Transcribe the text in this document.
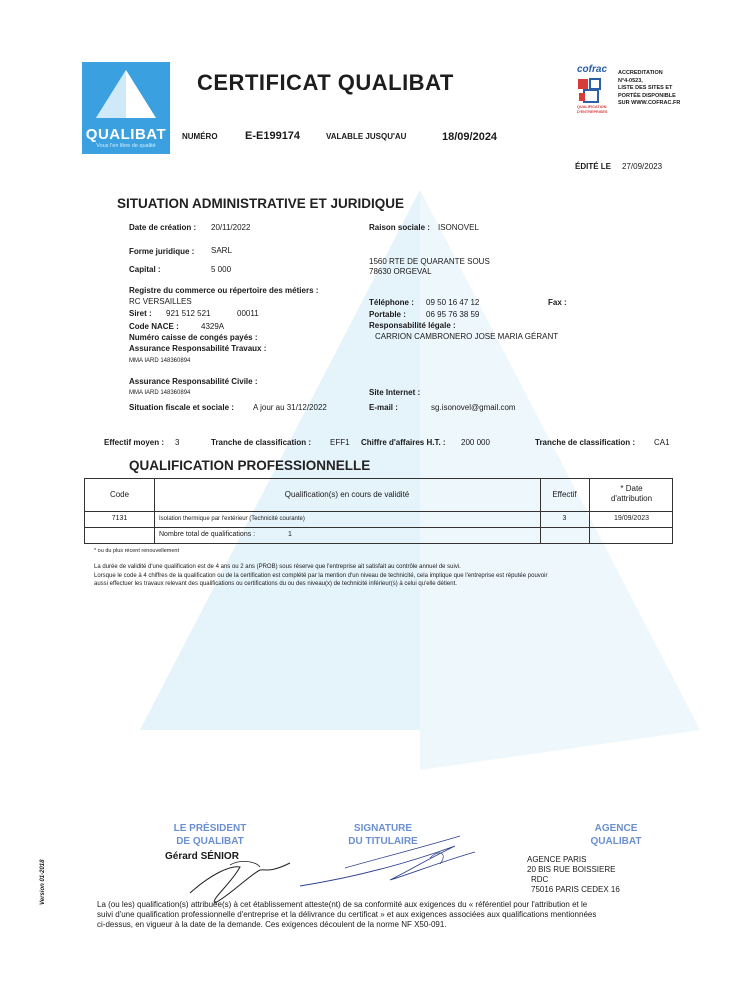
QUALIBAT
Vous l'en libre de qualité
CERTIFICAT QUALIBAT
NUMÉRO E-E199174	VALABLE JUSQU'AU	18/09/2024
cofrac
QUALIFICATION D'ENTREPRISES
ACCREDITATION
N°4-0523,
LISTE DES SITES ET
PORTÉE DISPONIBLE
SUR WWW.COFRAC.FR
ÉDITÉ LE 27/09/2023
SITUATION ADMINISTRATIVE ET JURIDIQUE
Date de création : 20/11/2022	Raison sociale : ISONOVEL
Forme juridique : SARL
Capital :	5 000
1560 RTE DE QUARANTE SOUS
78630 ORGEVAL
Registre du commerce ou répertoire des métiers :
RC VERSAILLES
Siret : 921 512 521	00011
Téléphone : 09 50 16 47 12	Fax :
Portable :	06 95 76 38 59
Code NACE :	4329A	Responsabilité légale :
CARRION CAMBRONERO JOSE MARIA GÉRANT
Numéro caisse de congés payés :
Assurance Responsabilité Travaux :
MMA IARD 148360894
Assurance Responsabilité Civile :
MMA IARD 148360894	Site Internet :
Situation fiscale et sociale : A jour au 31/12/2022	E-mail :	sg.isonovel@gmail.com
Effectif moyen : 3	Tranche de classification : EFF1 Chiffre d'affaires H.T. : 200 000	Tranche de classification : CA1
QUALIFICATION PROFESSIONNELLE
Code	Qualification(s) en cours de validité	Effectif
* Date
d'attribution
7131	Isolation thermique par l'extérieur (Technicité courante)	3	19/09/2023
Nombre total de qualifications :	1
* ou du plus récent renouvellement
La durée de validité d'une qualification est de 4 ans ou 2 ans (PROB) sous réserve que l'entreprise ait satisfait au contrôle annuel de suivi.
Lorsque le code à 4 chiffres de la qualification ou de la certification est complété par la mention d'un niveau de technicité, cela implique que l'entreprise est réputée pouvoir
aussi effectuer les travaux relevant des qualifications ou certifications du ou des niveau(x) de technicité inférieur(s) à celui qu'elle détient.
LE PRÉSIDENT
DE QUALIBAT
Gérard SÉNIOR
SIGNATURE
DU TITULAIRE
AGENCE
QUALIBAT
AGENCE PARIS
20 BIS RUE BOISSIERE
RDC
75016 PARIS CEDEX 16
Version 01-2018	La (ou les) qualification(s) attribuée(s) à cet établissement atteste(nt) de sa conformité aux exigences du « référentiel pour l'attribution et le
suivi d'une qualification professionnelle d'entreprise et la délivrance du certificat » et aux exigences associées aux qualifications mentionnées
ci-dessus, en vigueur à la date de la demande. Ces exigences découlent de la norme NF X50-091.
